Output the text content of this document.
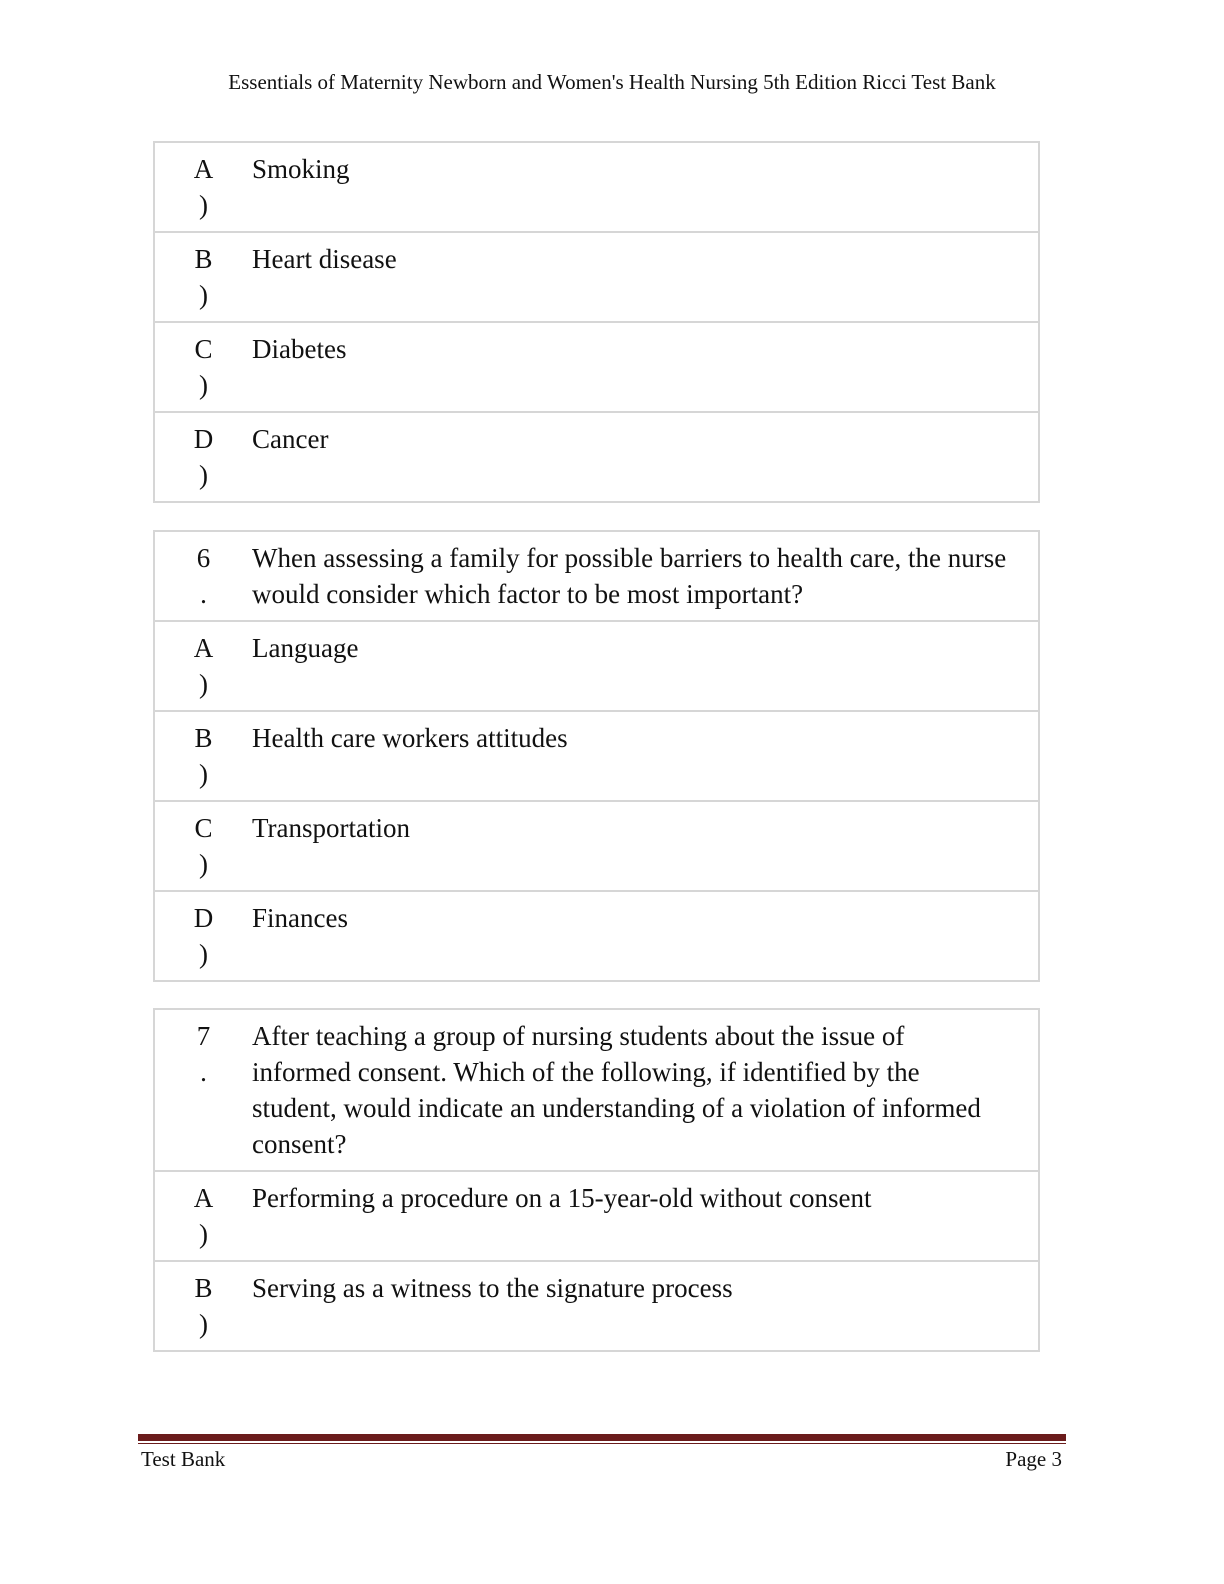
Essentials of Maternity Newborn and Women's Health Nursing 5th Edition Ricci Test Bank
A
)	Smoking

B
)	Heart disease

C
)	Diabetes

D
)	Cancer
6
.	When assessing a family for possible barriers to health care, the nurse would consider which factor to be most important?

A
)	Language

B
)	Health care workers attitudes

C
)	Transportation

D
)	Finances
7
.	After teaching a group of nursing students about the issue of informed consent. Which of the following, if identified by the student, would indicate an understanding of a violation of informed consent?

A
)	Performing a procedure on a 15-year-old without consent

B
)	Serving as a witness to the signature process
Test Bank	Page 3
